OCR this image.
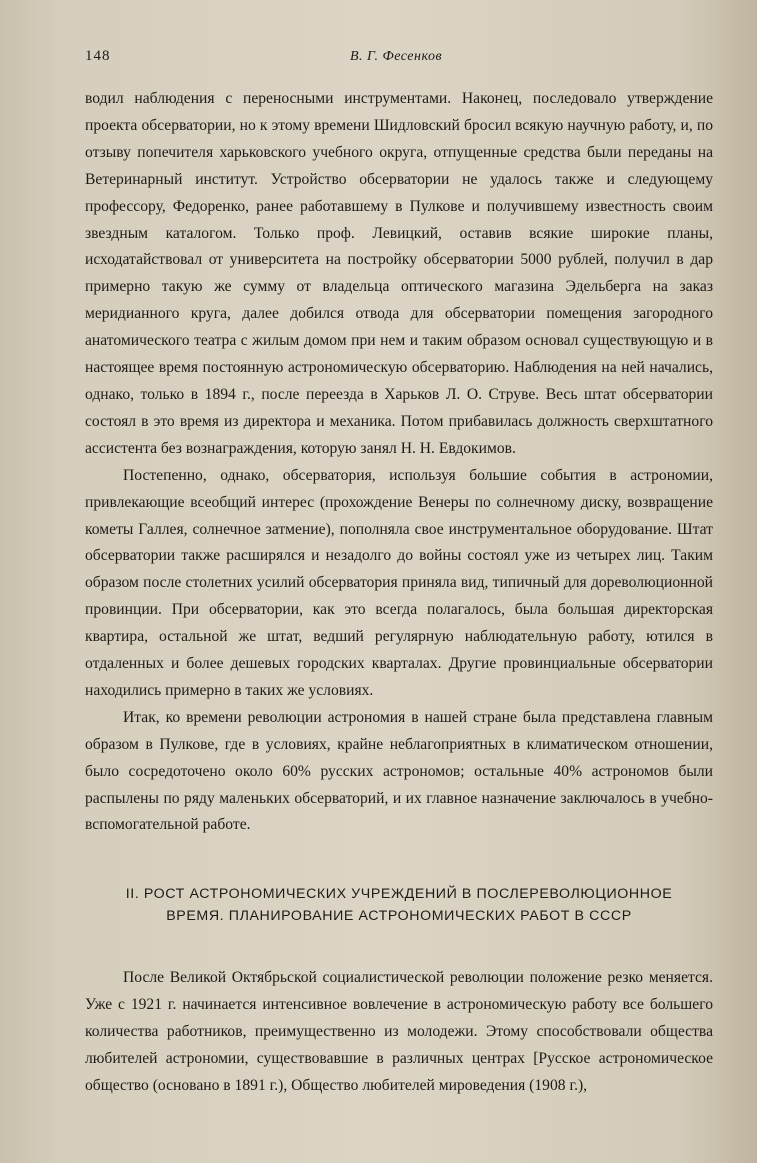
148	В. Г. Фесенков

водил наблюдения с переносными инструментами. Наконец, последовало утверждение проекта обсерватории, но к этому времени Шидловский бросил всякую научную работу, и, по отзыву попечителя харьковского учебного округа, отпущенные средства были переданы на Ветеринарный институт. Устройство обсерватории не удалось также и следующему профессору, Федоренко, ранее работавшему в Пулкове и получившему известность своим звездным каталогом. Только проф. Левицкий, оставив всякие широкие планы, исходатайствовал от университета на постройку обсерватории 5000 рублей, получил в дар примерно такую же сумму от владельца оптического магазина Эдельберга на заказ меридианного круга, далее добился отвода для обсерватории помещения загородного анатомического театра с жилым домом при нем и таким образом основал существующую и в настоящее время постоянную астрономическую обсерваторию. Наблюдения на ней начались, однако, только в 1894 г., после переезда в Харьков Л. О. Струве. Весь штат обсерватории состоял в это время из директора и механика. Потом прибавилась должность сверхштатного ассистента без вознаграждения, которую занял Н. Н. Евдокимов.

Постепенно, однако, обсерватория, используя большие события в астрономии, привлекающие всеобщий интерес (прохождение Венеры по солнечному диску, возвращение кометы Галлея, солнечное затмение), пополняла свое инструментальное оборудование. Штат обсерватории также расширялся и незадолго до войны состоял уже из четырех лиц. Таким образом после столетних усилий обсерватория приняла вид, типичный для дореволюционной провинции. При обсерватории, как это всегда полагалось, была большая директорская квартира, остальной же штат, ведший регулярную наблюдательную работу, ютился в отдаленных и более дешевых городских кварталах. Другие провинциальные обсерватории находились примерно в таких же условиях.

Итак, ко времени революции астрономия в нашей стране была представлена главным образом в Пулкове, где в условиях, крайне неблагоприятных в климатическом отношении, было сосредоточено около 60% русских астрономов; остальные 40% астрономов были распылены по ряду маленьких обсерваторий, и их главное назначение заключалось в учебно-вспомогательной работе.

II. РОСТ АСТРОНОМИЧЕСКИХ УЧРЕЖДЕНИЙ В ПОСЛЕРЕВОЛЮЦИОННОЕ
ВРЕМЯ. ПЛАНИРОВАНИЕ АСТРОНОМИЧЕСКИХ РАБОТ В СССР

После Великой Октябрьской социалистической революции положение резко меняется. Уже с 1921 г. начинается интенсивное вовлечение в астрономическую работу все большего количества работников, преимущественно из молодежи. Этому способствовали общества любителей астрономии, существовавшие в различных центрах [Русское астрономическое общество (основано в 1891 г.), Общество любителей мироведения (1908 г.),
